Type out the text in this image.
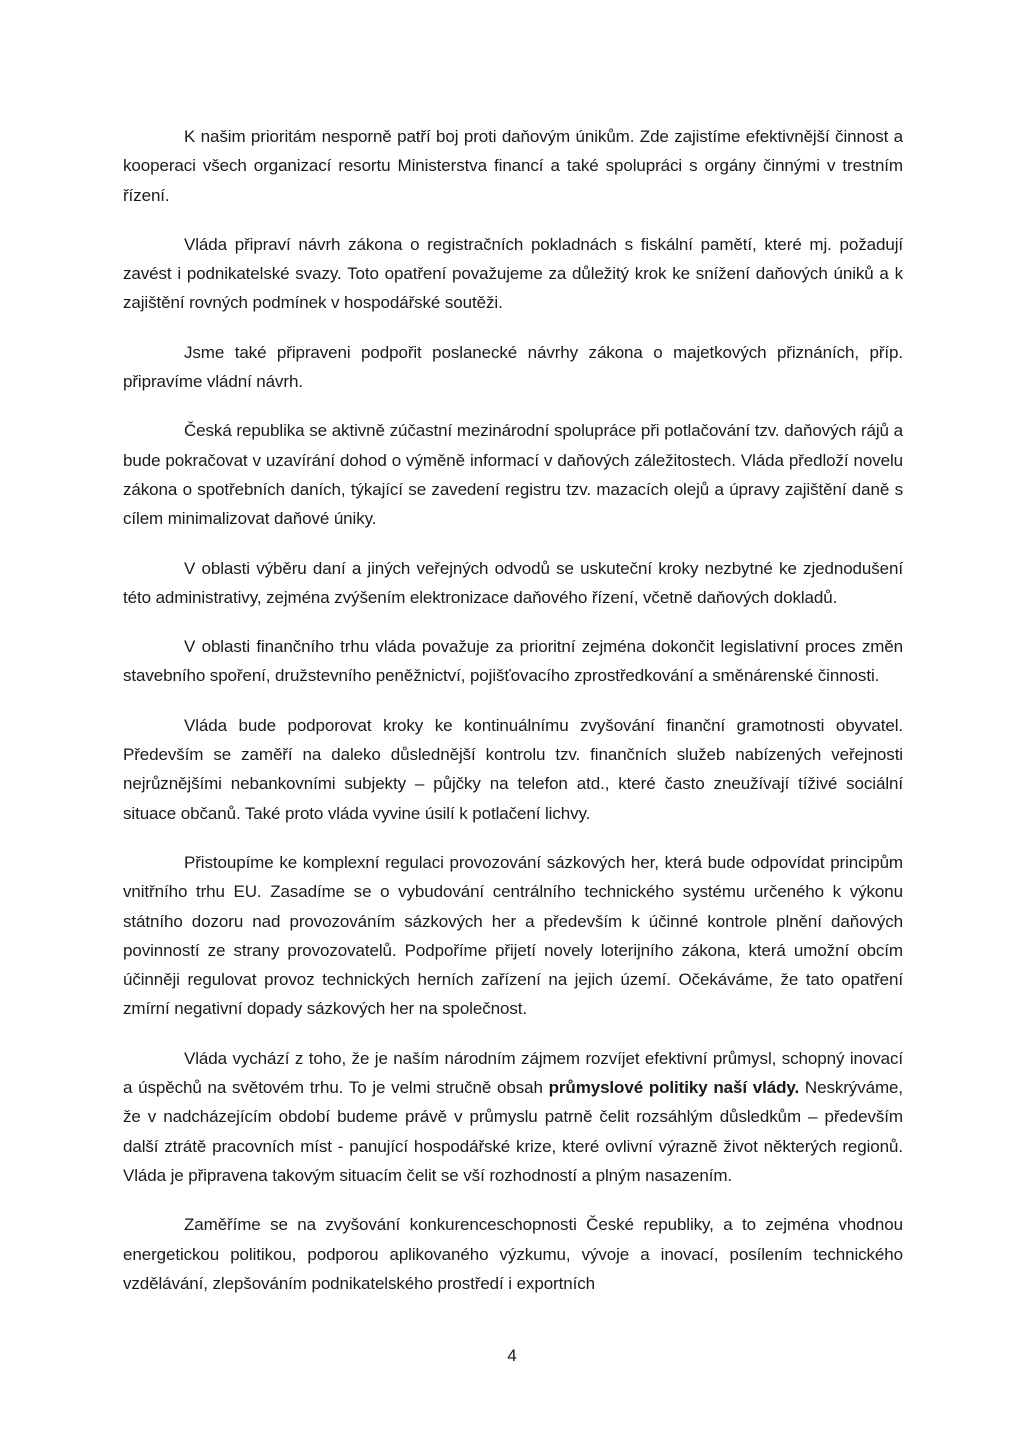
K našim prioritám nesporně patří boj proti daňovým únikům. Zde zajistíme efektivnější činnost a kooperaci všech organizací resortu Ministerstva financí a také spolupráci s orgány činnými v trestním řízení.

Vláda připraví návrh zákona o registračních pokladnách s fiskální pamětí, které mj. požadují zavést i podnikatelské svazy. Toto opatření považujeme za důležitý krok ke snížení daňových úniků a k zajištění rovných podmínek v hospodářské soutěži.

Jsme také připraveni podpořit poslanecké návrhy zákona o majetkových přiznáních, příp. připravíme vládní návrh.

Česká republika se aktivně zúčastní mezinárodní spolupráce při potlačování tzv. daňových rájů a bude pokračovat v uzavírání dohod o výměně informací v daňových záležitostech. Vláda předloží novelu zákona o spotřebních daních, týkající se zavedení registru tzv. mazacích olejů a úpravy zajištění daně s cílem minimalizovat daňové úniky.

V oblasti výběru daní a jiných veřejných odvodů se uskuteční kroky nezbytné ke zjednodušení této administrativy, zejména zvýšením elektronizace daňového řízení, včetně daňových dokladů.

V oblasti finančního trhu vláda považuje za prioritní zejména dokončit legislativní proces změn stavebního spoření, družstevního peněžnictví, pojišťovacího zprostředkování a směnárenské činnosti.

Vláda bude podporovat kroky ke kontinuálnímu zvyšování finanční gramotnosti obyvatel. Především se zaměří na daleko důslednější kontrolu tzv. finančních služeb nabízených veřejnosti nejrůznějšími nebankovními subjekty – půjčky na telefon atd., které často zneužívají tíživé sociální situace občanů. Také proto vláda vyvine úsilí k potlačení lichvy.

Přistoupíme ke komplexní regulaci provozování sázkových her, která bude odpovídat principům vnitřního trhu EU. Zasadíme se o vybudování centrálního technického systému určeného k výkonu státního dozoru nad provozováním sázkových her a především k účinné kontrole plnění daňových povinností ze strany provozovatelů. Podpoříme přijetí novely loterijního zákona, která umožní obcím účinněji regulovat provoz technických herních zařízení na jejich území. Očekáváme, že tato opatření zmírní negativní dopady sázkových her na společnost.

Vláda vychází z toho, že je naším národním zájmem rozvíjet efektivní průmysl, schopný inovací a úspěchů na světovém trhu. To je velmi stručně obsah průmyslové politiky naší vlády. Neskrýváme, že v nadcházejícím období budeme právě v průmyslu patrně čelit rozsáhlým důsledkům – především další ztrátě pracovních míst - panující hospodářské krize, které ovlivní výrazně život některých regionů. Vláda je připravena takovým situacím čelit se vší rozhodností a plným nasazením.

Zaměříme se na zvyšování konkurenceschopnosti České republiky, a to zejména vhodnou energetickou politikou, podporou aplikovaného výzkumu, vývoje a inovací, posílením technického vzdělávání, zlepšováním podnikatelského prostředí i exportních

4
